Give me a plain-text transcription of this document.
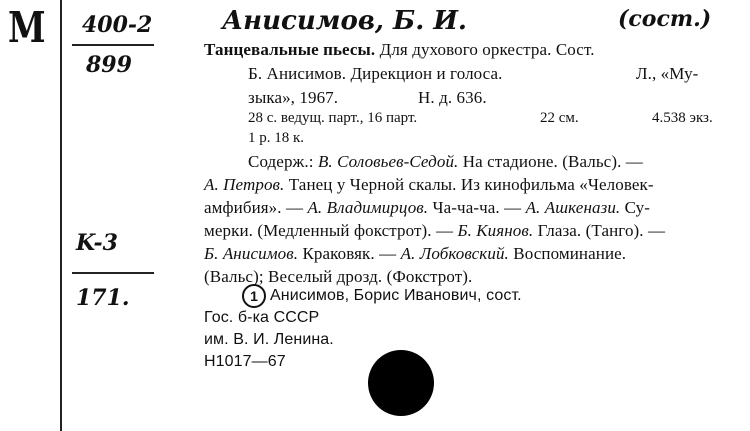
M 400-2
899
K-3
171.
Анисимов, Б. И.	(сост.)
Танцевальные пьесы. Для духового оркестра. Сост.
Б. Анисимов. Дирекцион и голоса.	Л., «Му-
зыка», 1967.	Н. д. 636.
28 с. ведущ. парт., 16 парт.	22 см.	4.538 экз.
1 р. 18 к.
Содерж.: В. Соловьев-Седой. На стадионе. (Вальс). —
А. Петров. Танец у Черной скалы. Из кинофильма «Человек-
амфибия». — А. Владимирцов. Ча-ча-ча. — А. Ашкенази. Су-
мерки. (Медленный фокстрот). — Б. Киянов. Глаза. (Танго). —
Б. Анисимов. Краковяк. — А. Лобковский. Воспоминание.
(Вальс); Веселый дрозд. (Фокстрот).
1 Анисимов, Борис Иванович, сост.
Гос. б-ка СССР
им. В. И. Ленина.
H1017—67
